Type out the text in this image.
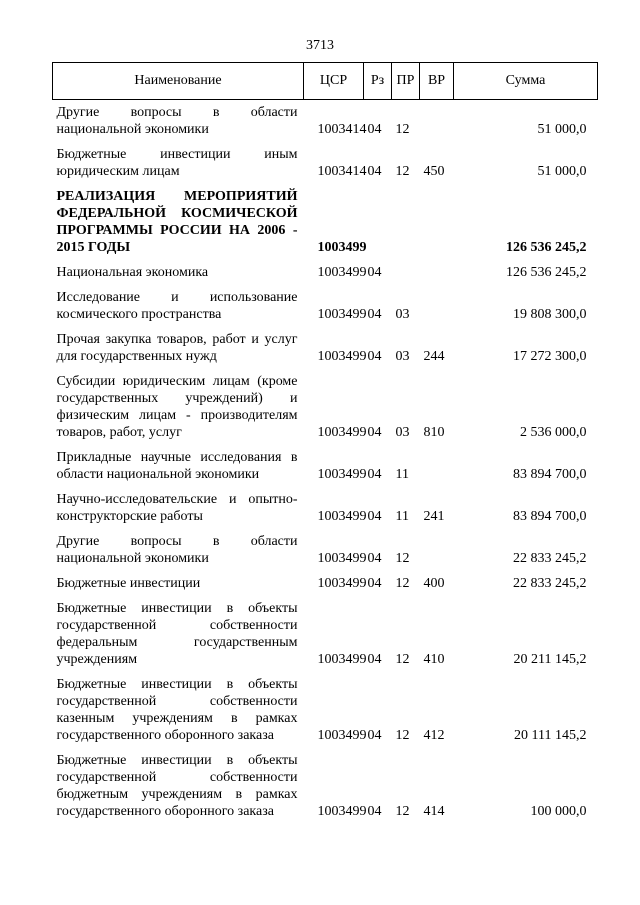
3713
Наименование	ЦСР	Рз	ПР	ВР	Сумма
Другие вопросы в области национальной экономики	1003414	04	12		51 000,0
Бюджетные инвестиции иным юридическим лицам	1003414	04	12	450	51 000,0
РЕАЛИЗАЦИЯ МЕРОПРИЯТИЙ ФЕДЕРАЛЬНОЙ КОСМИЧЕСКОЙ ПРОГРАММЫ РОССИИ НА 2006 - 2015 ГОДЫ	1003499				126 536 245,2
Национальная экономика	1003499	04			126 536 245,2
Исследование и использование космического пространства	1003499	04	03		19 808 300,0
Прочая закупка товаров, работ и услуг для государственных нужд	1003499	04	03	244	17 272 300,0
Субсидии юридическим лицам (кроме государственных учреждений) и физическим лицам - производителям товаров, работ, услуг	1003499	04	03	810	2 536 000,0
Прикладные научные исследования в области национальной экономики	1003499	04	11		83 894 700,0
Научно-исследовательские и опытно-конструкторские работы	1003499	04	11	241	83 894 700,0
Другие вопросы в области национальной экономики	1003499	04	12		22 833 245,2
Бюджетные инвестиции	1003499	04	12	400	22 833 245,2
Бюджетные инвестиции в объекты государственной собственности федеральным государственным учреждениям	1003499	04	12	410	20 211 145,2
Бюджетные инвестиции в объекты государственной собственности казенным учреждениям в рамках государственного оборонного заказа	1003499	04	12	412	20 111 145,2
Бюджетные инвестиции в объекты государственной собственности бюджетным учреждениям в рамках государственного оборонного заказа	1003499	04	12	414	100 000,0
